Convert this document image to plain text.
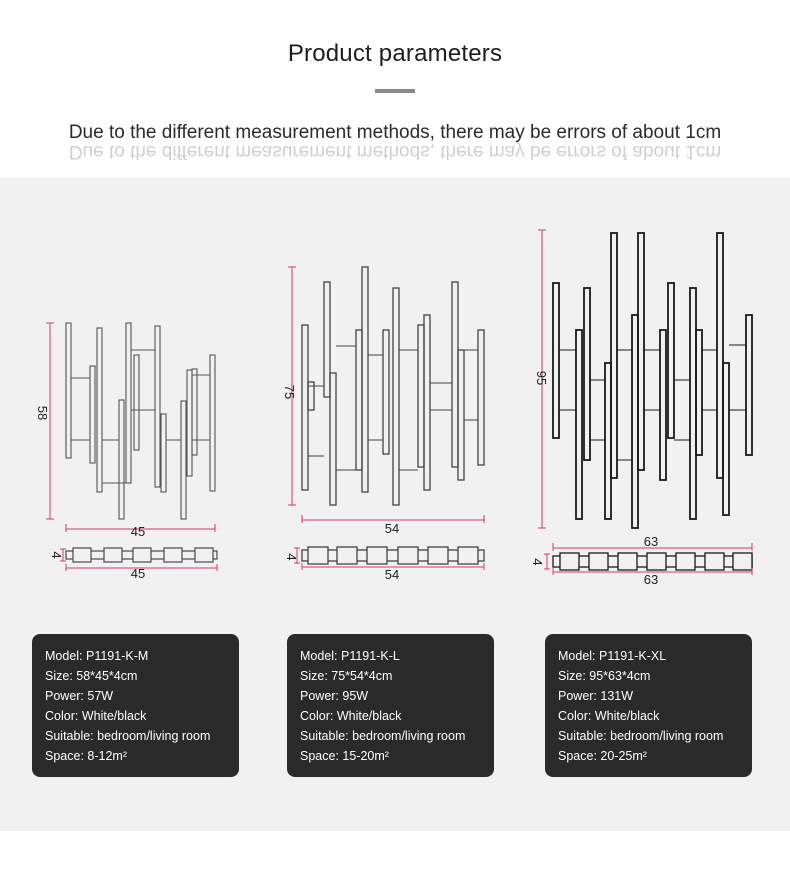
Product parameters
Due to the different measurement methods, there may be errors of about 1cm
Due to the different measurement methods, there may be errors of about 1cm
58
45
4
45
75
54
4
54
95
63
4
63
Model: P1191-K-M
Size: 58*45*4cm
Power: 57W
Color: White/black
Suitable: bedroom/living room
Space: 8-12m²
Model: P1191-K-L
Size: 75*54*4cm
Power: 95W
Color: White/black
Suitable: bedroom/living room
Space: 15-20m²
Model: P1191-K-XL
Size: 95*63*4cm
Power: 131W
Color: White/black
Suitable: bedroom/living room
Space: 20-25m²
